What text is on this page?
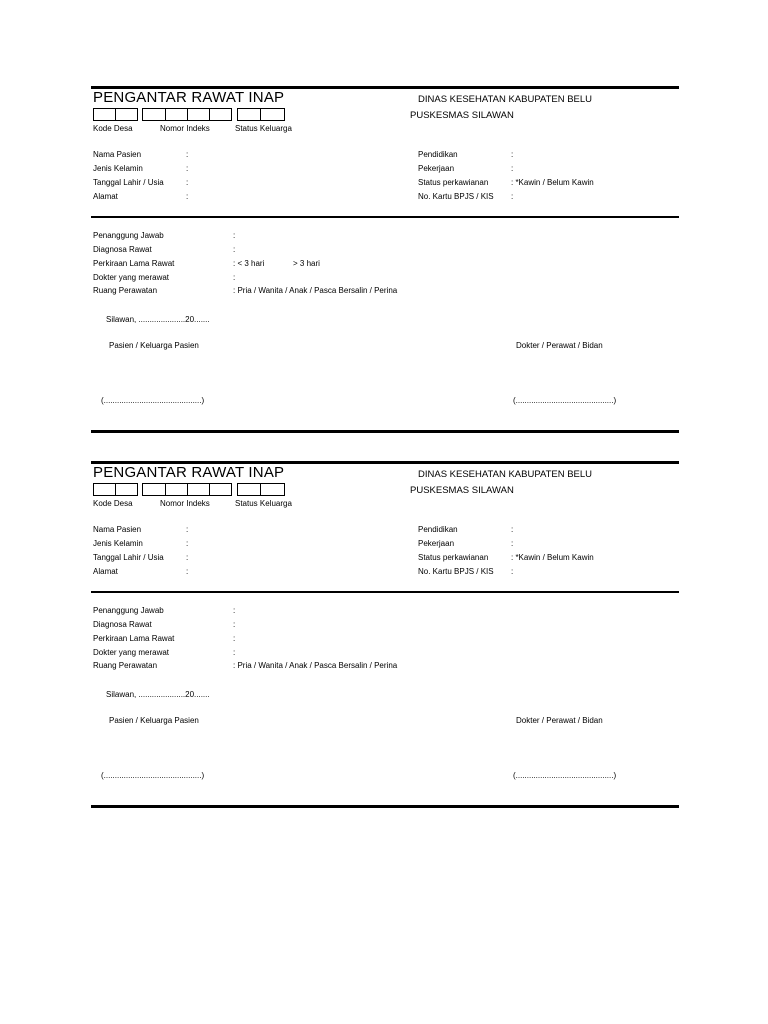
PENGANTAR RAWAT INAP	DINAS KESEHATAN KABUPATEN BELU
PUSKESMAS SILAWAN
Kode Desa	Nomor Indeks	Status Keluarga
Nama Pasien	:
Jenis Kelamin	:
Tanggal Lahir / Usia	:
Alamat	:
Pendidikan	:
Pekerjaan	:
Status perkawianan	: *Kawin / Belum Kawin
No. Kartu BPJS / KIS :
Penanggung Jawab	:
Diagnosa Rawat	:
Perkiraan Lama Rawat	: < 3 hari	> 3 hari
Dokter yang merawat	:
Ruang Perawatan	: Pria / Wanita / Anak / Pasca Bersalin / Perina
Silawan, .....................20.......
Pasien / Keluarga Pasien	Dokter / Perawat / Bidan
(............................................)	(............................................)
PENGANTAR RAWAT INAP	DINAS KESEHATAN KABUPATEN BELU
PUSKESMAS SILAWAN
Kode Desa	Nomor Indeks	Status Keluarga
Nama Pasien	:
Jenis Kelamin	:
Tanggal Lahir / Usia	:
Alamat	:
Pendidikan	:
Pekerjaan	:
Status perkawianan	: *Kawin / Belum Kawin
No. Kartu BPJS / KIS :
Penanggung Jawab	:
Diagnosa Rawat	:
Perkiraan Lama Rawat	:
Dokter yang merawat	:
Ruang Perawatan	: Pria / Wanita / Anak / Pasca Bersalin / Perina
Silawan, .....................20.......
Pasien / Keluarga Pasien	Dokter / Perawat / Bidan
(............................................)	(............................................)
